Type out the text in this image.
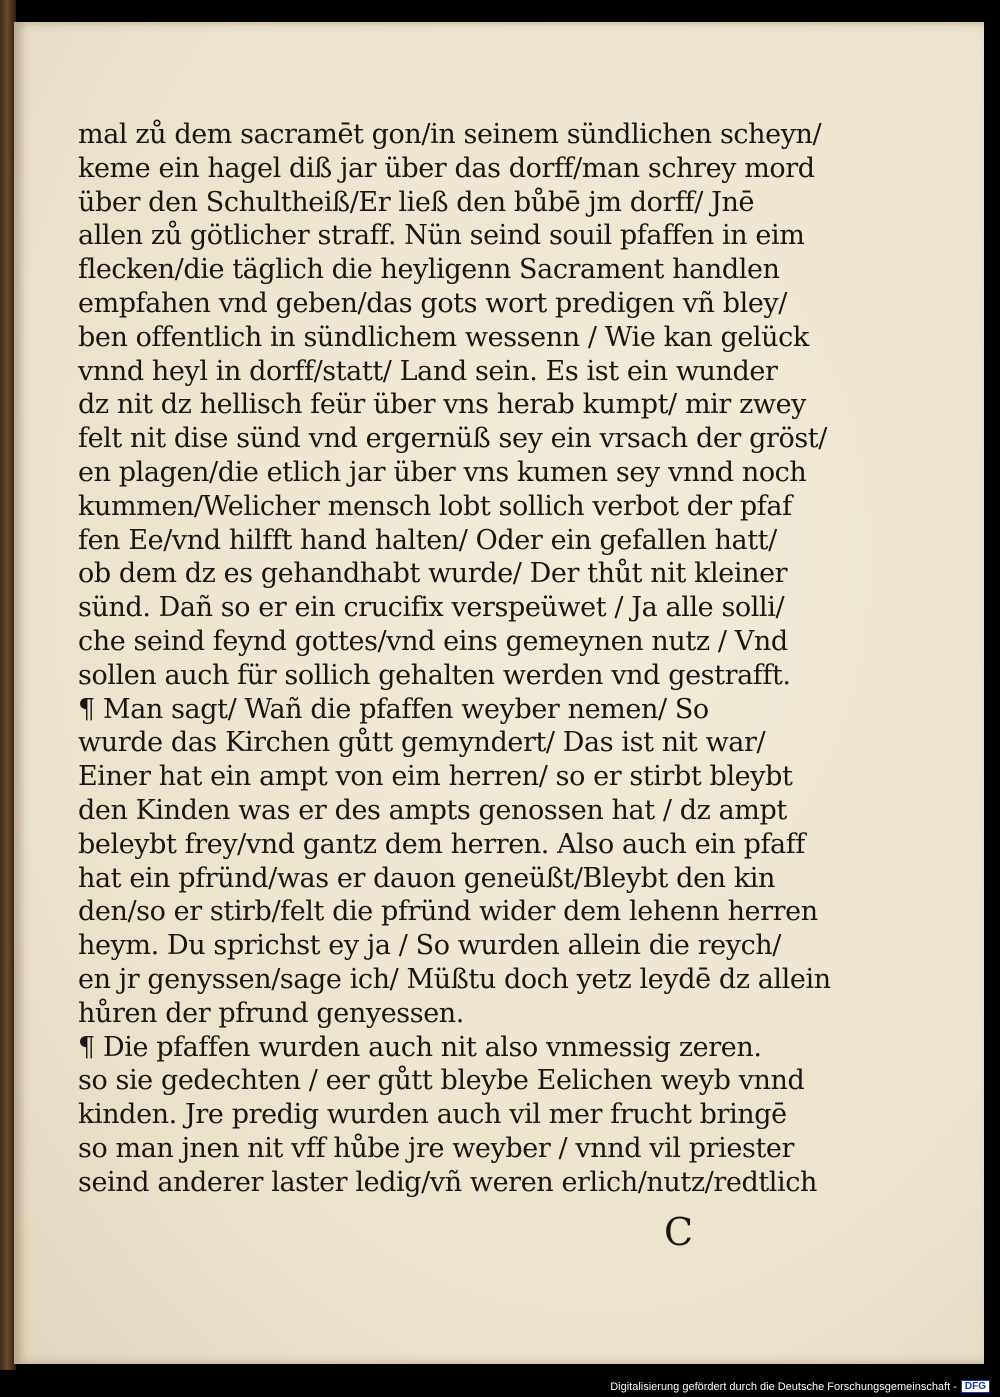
mal zů dem sacramēt gon/in seinem sündlichen scheyn/
keme ein hagel diß jar über das dorff/man schrey mord
über den Schultheiß/Er ließ den bůbē jm dorff/ Jnē
allen zů götlicher straff. Nün seind souil pfaffen in eim
flecken/die täglich die heyligenn Sacrament handlen
empfahen vnd geben/das gots wort predigen vñ bley/
ben offentlich in sündlichem wessenn / Wie kan gelück
vnnd heyl in dorff/statt/ Land sein. Es ist ein wunder
dz nit dz hellisch feür über vns herab kumpt/ mir zwey
felt nit dise sünd vnd ergernüß sey ein vrsach der gröst/
en plagen/die etlich jar über vns kumen sey vnnd noch
kummen/Welicher mensch lobt sollich verbot der pfaf
fen Ee/vnd hilfft hand halten/ Oder ein gefallen hatt/
ob dem dz es gehandhabt wurde/ Der thůt nit kleiner
sünd. Dañ so er ein crucifix verspeüwet / Ja alle solli/
che seind feynd gottes/vnd eins gemeynen nutz / Vnd
sollen auch für sollich gehalten werden vnd gestrafft.
¶ Man sagt/ Wañ die pfaffen weyber nemen/ So
wurde das Kirchen gůtt gemyndert/ Das ist nit war/
Einer hat ein ampt von eim herren/ so er stirbt bleybt
den Kinden was er des ampts genossen hat / dz ampt
beleybt frey/vnd gantz dem herren. Also auch ein pfaff
hat ein pfründ/was er dauon geneüßt/Bleybt den kin
den/so er stirb/felt die pfründ wider dem lehenn herren
heym. Du sprichst ey ja / So wurden allein die reych/
en jr genyssen/sage ich/ Müßtu doch yetz leydē dz allein
hůren der pfrund genyessen.
¶ Die pfaffen wurden auch nit also vnmessig zeren.
so sie gedechten / eer gůtt bleybe Eelichen weyb vnnd
kinden. Jre predig wurden auch vil mer frucht bringē
so man jnen nit vff hůbe jre weyber / vnnd vil priester
seind anderer laster ledig/vñ weren erlich/nutz/redtlich
C
Digitalisierung gefördert durch die Deutsche Forschungsgemeinschaft - DFG
